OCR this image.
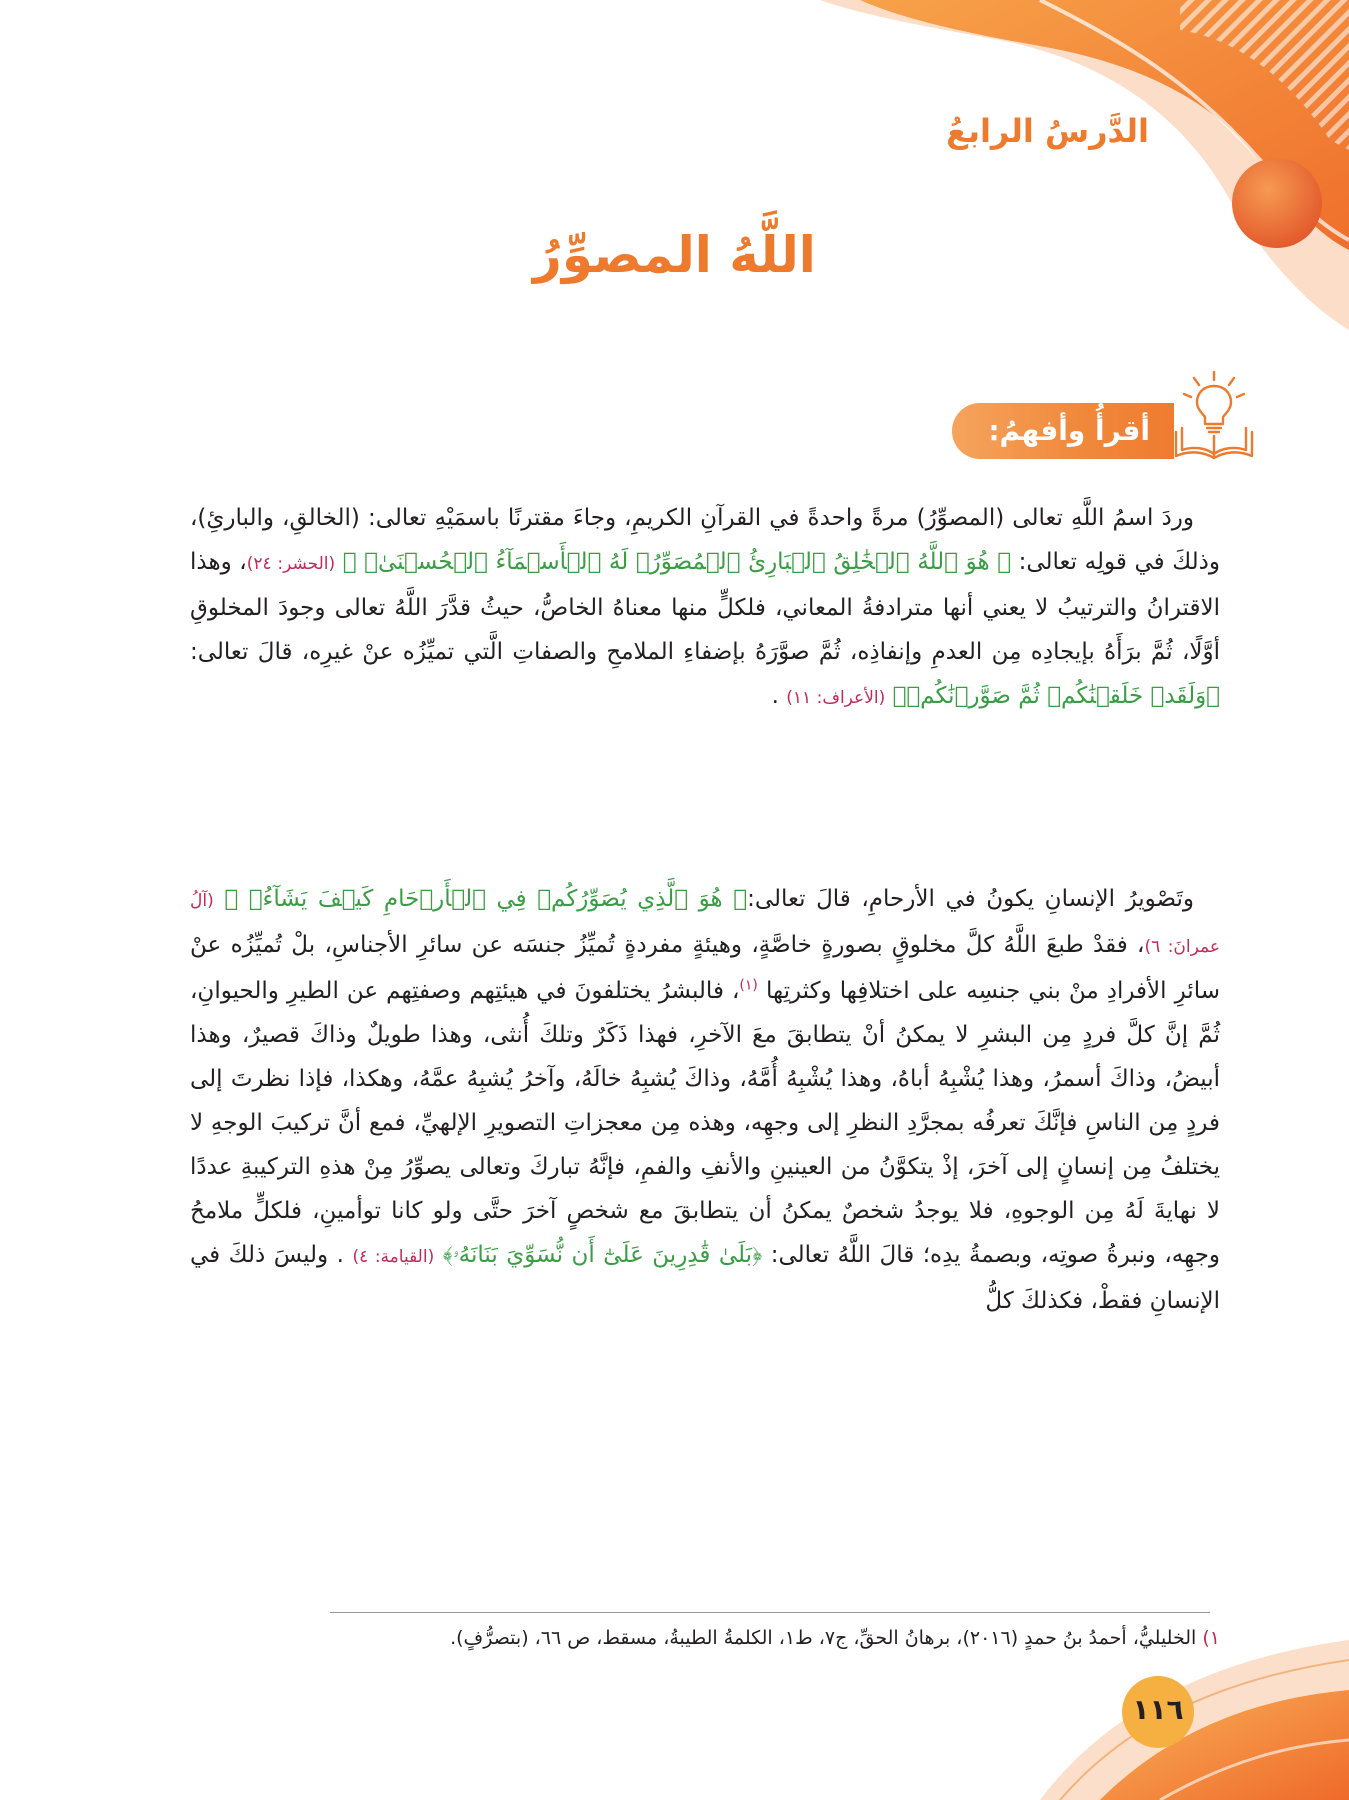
الدَّرسُ الرابعُ
اللَّهُ المصوِّرُ
أقرأُ وأفهمُ:
وردَ اسمُ اللَّهِ تعالى (المصوِّرُ) مرةً واحدةً في القرآنِ الكريمِ، وجاءَ مقترنًا باسمَيْهِ تعالى: (الخالقِ، والبارئِ)، وذلكَ في قولِه تعالى: ﴿ هُوَ ٱللَّهُ ٱلۡخَٰلِقُ ٱلۡبَارِئُ ٱلۡمُصَوِّرُۖ لَهُ ٱلۡأَسۡمَآءُ ٱلۡحُسۡنَىٰۚ ﴾ (الحشر: ٢٤)، وهذا الاقترانُ والترتيبُ لا يعني أنها مترادفةُ المعاني، فلكلٍّ منها معناهُ الخاصُّ، حيثُ قدَّرَ اللَّهُ تعالى وجودَ المخلوقِ أوَّلًا، ثُمَّ برَأَهُ بإيجادِه مِن العدمِ وإنفاذِه، ثُمَّ صوَّرَهُ بإضفاءِ الملامحِ والصفاتِ الَّتي تميِّزُه عنْ غيرِه، قالَ تعالى: ﴿وَلَقَدۡ خَلَقۡنَٰكُمۡ ثُمَّ صَوَّرۡنَٰكُمۡ﴾ (الأعراف: ١١) .
وتَصْويرُ الإنسانِ يكونُ في الأرحامِ، قالَ تعالى:﴿ هُوَ ٱلَّذِي يُصَوِّرُكُمۡ فِي ٱلۡأَرۡحَامِ كَيۡفَ يَشَآءُۚ ﴾ (آلُ عمرانَ: ٦)، فقدْ طبعَ اللَّهُ كلَّ مخلوقٍ بصورةٍ خاصَّةٍ، وهيئةٍ مفردةٍ تُميِّزُ جنسَه عن سائرِ الأجناسِ، بلْ تُميِّزُه عنْ سائرِ الأفرادِ منْ بني جنسِه على اختلافِها وكثرتِها $^{(١)}$، فالبشرُ يختلفونَ في هيئتِهم وصفتِهم عن الطيرِ والحيوانِ، ثُمَّ إنَّ كلَّ فردٍ مِن البشرِ لا يمكنُ أنْ يتطابقَ معَ الآخرِ، فهذا ذَكَرٌ وتلكَ أُنثى، وهذا طويلٌ وذاكَ قصيرٌ، وهذا أبيضُ، وذاكَ أسمرُ، وهذا يُشْبِهُ أباهُ، وهذا يُشْبِهُ أُمَّهُ، وذاكَ يُشبِهُ خالَهُ، وآخرُ يُشبِهُ عمَّهُ، وهكذا، فإذا نظرتَ إلى فردٍ مِن الناسِ فإنَّكَ تعرفُه بمجرَّدِ النظرِ إلى وجهِه، وهذه مِن معجزاتِ التصويرِ الإلهيِّ، فمع أنَّ تركيبَ الوجهِ لا يختلفُ مِن إنسانٍ إلى آخرَ، إذْ يتكوَّنُ من العينينِ والأنفِ والفمِ، فإنَّهُ تباركَ وتعالى يصوِّرُ مِنْ هذهِ التركيبةِ عددًا لا نهايةَ لَهُ مِن الوجوهِ، فلا يوجدُ شخصٌ يمكنُ أن يتطابقَ مع شخصٍ آخرَ حتَّى ولو كانا توأمينِ، فلكلٍّ ملامحُ وجهِه، ونبرةُ صوتِه، وبصمةُ يدِه؛ قالَ اللَّهُ تعالى: ﴿بَلَىٰ قَٰدِرِينَ عَلَىٰٓ أَن نُّسَوِّيَ بَنَانَهُۥ﴾ (القيامة: ٤) . وليسَ ذلكَ في الإنسانِ فقطْ، فكذلكَ كلُّ
١) الخليليُّ، أحمدُ بنُ حمدٍ (٢٠١٦)، برهانُ الحقِّ، ج٧، ط١، الكلمةُ الطيبةُ، مسقط، ص ٦٦، (بتصرُّفٍ).
١١٦
